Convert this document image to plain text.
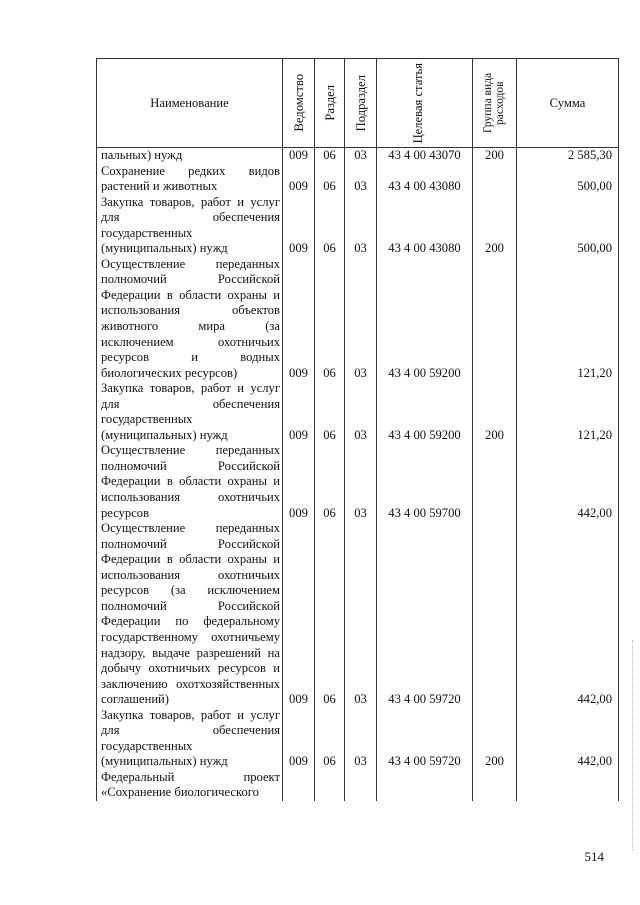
Наименование	Ведомство	Раздел	Подраздел	Целевая статья	Группа вида расходов	Сумма
пальных) нужд	009	06	03	43 4 00 43070	200	2 585,30
Сохранение редких видов растений и животных	009	06	03	43 4 00 43080		500,00
Закупка товаров, работ и услуг для обеспечения государственных (муниципальных) нужд	009	06	03	43 4 00 43080	200	500,00
Осуществление переданных полномочий Российской Федерации в области охраны и использования объектов животного мира (за исключением охотничьих ресурсов и водных биологических ресурсов)	009	06	03	43 4 00 59200		121,20
Закупка товаров, работ и услуг для обеспечения государственных (муниципальных) нужд	009	06	03	43 4 00 59200	200	121,20
Осуществление переданных полномочий Российской Федерации в области охраны и использования охотничьих ресурсов	009	06	03	43 4 00 59700		442,00
Осуществление переданных полномочий Российской Федерации в области охраны и использования охотничьих ресурсов (за исключением полномочий Российской Федерации по федеральному государственному охотничьему надзору, выдаче разрешений на добычу охотничьих ресурсов и заключению охотхозяйственных соглашений)	009	06	03	43 4 00 59720		442,00
Закупка товаров, работ и услуг для обеспечения государственных (муниципальных) нужд	009	06	03	43 4 00 59720	200	442,00
Федеральный проект «Сохранение биологического						
514
